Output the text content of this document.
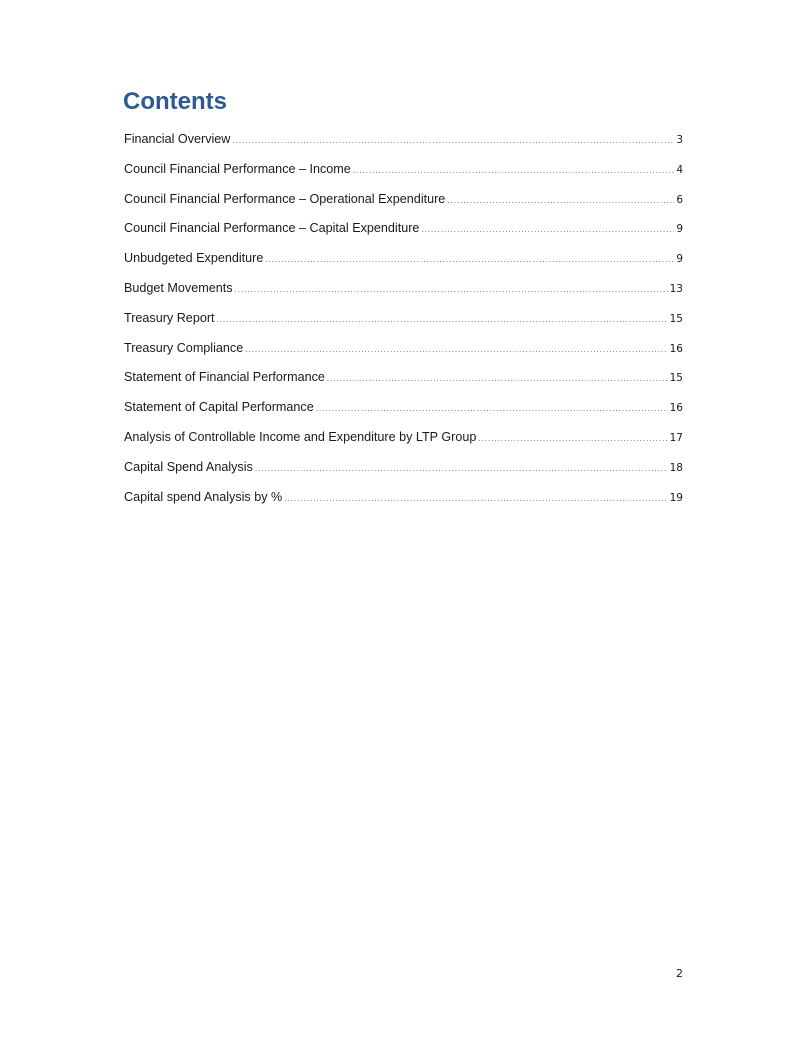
Contents
Financial Overview .....	3
Council Financial Performance – Income .....	4
Council Financial Performance – Operational Expenditure .....	6
Council Financial Performance – Capital Expenditure .....	9
Unbudgeted Expenditure .....	9
Budget Movements .....	13
Treasury Report .....	15
Treasury Compliance .....	16
Statement of Financial Performance .....	15
Statement of Capital Performance .....	16
Analysis of Controllable Income and Expenditure by LTP Group .....	17
Capital Spend Analysis .....	18
Capital spend Analysis by % .....	19
2
